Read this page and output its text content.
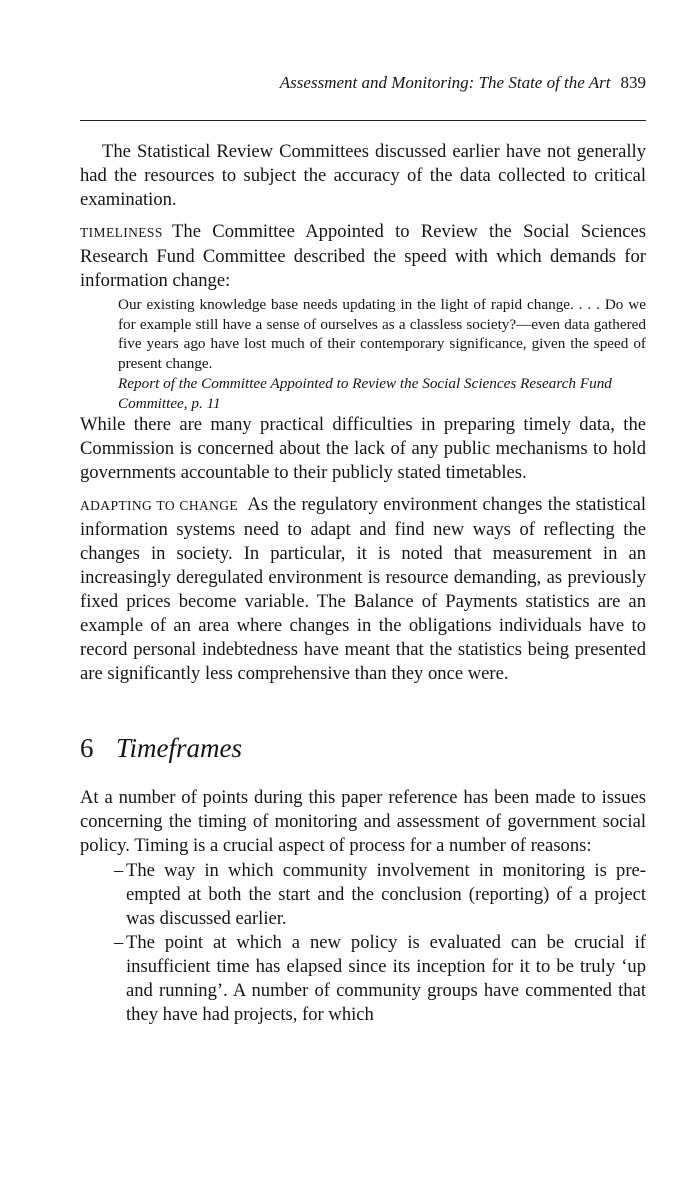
Assessment and Monitoring: The State of the Art 839

The Statistical Review Committees discussed earlier have not generally had the resources to subject the accuracy of the data collected to critical examination.

TIMELINESS  The Committee Appointed to Review the Social Sciences Research Fund Committee described the speed with which demands for information change:

Our existing knowledge base needs updating in the light of rapid change. . . . Do we for example still have a sense of ourselves as a classless society?—even data gathered five years ago have lost much of their contemporary significance, given the speed of present change.
Report of the Committee Appointed to Review the Social Sciences Research Fund Committee, p. 11

While there are many practical difficulties in preparing timely data, the Commission is concerned about the lack of any public mechanisms to hold governments accountable to their publicly stated timetables.

ADAPTING TO CHANGE  As the regulatory environment changes the statistical information systems need to adapt and find new ways of reflecting the changes in society. In particular, it is noted that measurement in an increasingly deregulated environment is resource demanding, as previously fixed prices become variable. The Balance of Payments statistics are an example of an area where changes in the obligations individuals have to record personal indebtedness have meant that the statistics being presented are significantly less comprehensive than they once were.

6 Timeframes

At a number of points during this paper reference has been made to issues concerning the timing of monitoring and assessment of government social policy. Timing is a crucial aspect of process for a number of reasons:

– The way in which community involvement in monitoring is pre-empted at both the start and the conclusion (reporting) of a project was discussed earlier.
– The point at which a new policy is evaluated can be crucial if insufficient time has elapsed since its inception for it to be truly ‘up and running’. A number of community groups have commented that they have had projects, for which
